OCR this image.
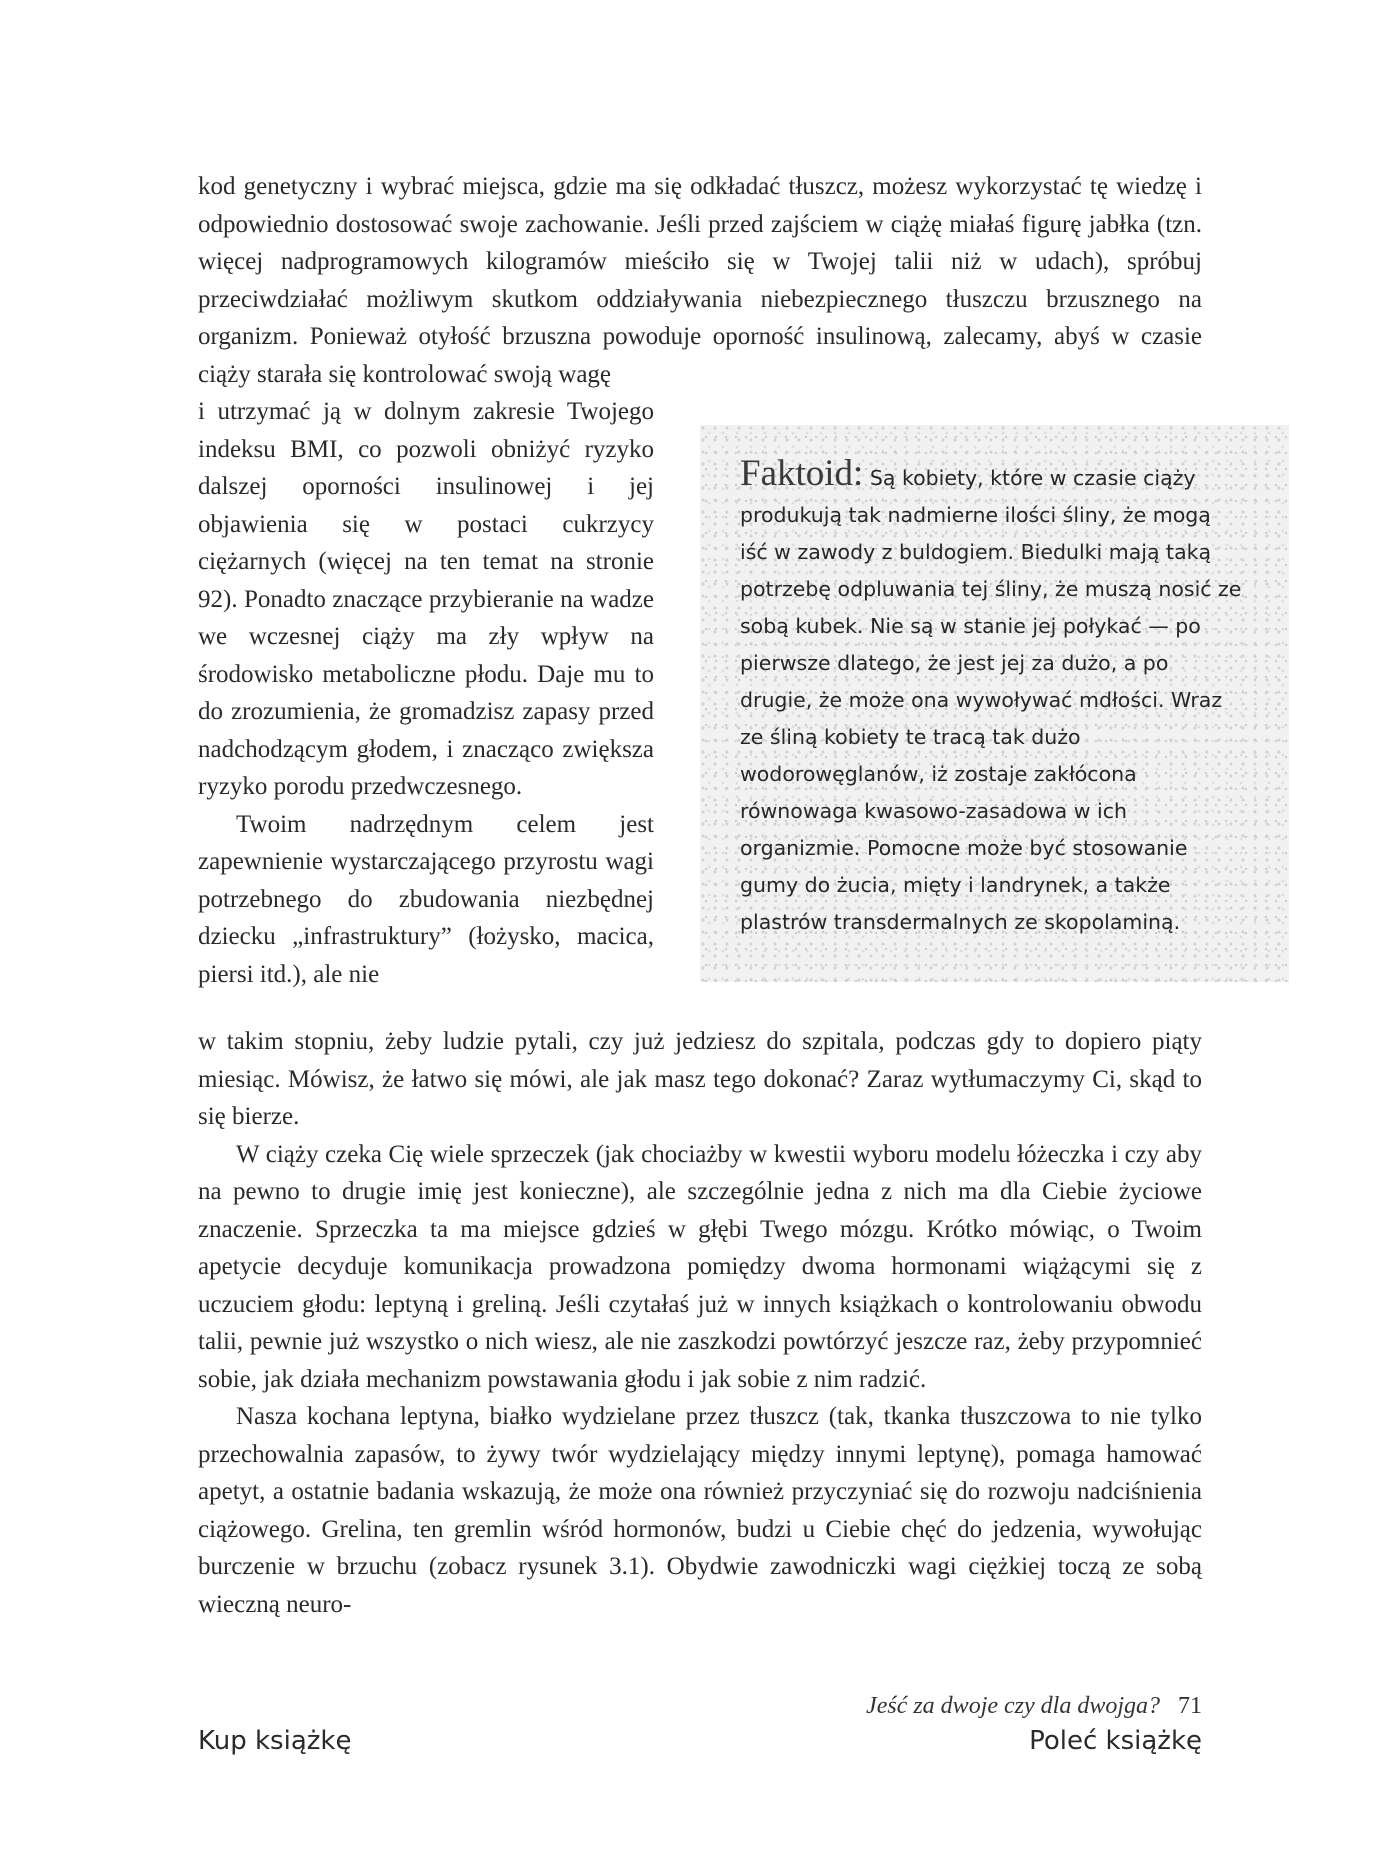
kod genetyczny i wybrać miejsca, gdzie ma się odkładać tłuszcz, możesz wykorzystać tę wiedzę i odpowiednio dostosować swoje zachowanie. Jeśli przed zajściem w ciążę miałaś figurę jabłka (tzn. więcej nadprogramowych kilogramów mieściło się w Twojej talii niż w udach), spróbuj przeciwdziałać możliwym skutkom oddziaływania niebezpiecznego tłuszczu brzusznego na organizm. Ponieważ otyłość brzuszna powoduje oporność insulinową, zalecamy, abyś w czasie ciąży starała się kontrolować swoją wagę

i utrzymać ją w dolnym zakresie Twojego indeksu BMI, co pozwoli obniżyć ryzyko dalszej oporności insulinowej i jej objawienia się w postaci cukrzycy ciężarnych (więcej na ten temat na stronie 92). Ponadto znaczące przybieranie na wadze we wczesnej ciąży ma zły wpływ na środowisko metaboliczne płodu. Daje mu to do zrozumienia, że gromadzisz zapasy przed nadchodzącym głodem, i znacząco zwiększa ryzyko porodu przedwczesnego.

Twoim nadrzędnym celem jest zapewnienie wystarczającego przyrostu wagi potrzebnego do zbudowania niezbędnej dziecku „infrastruktury” (łożysko, macica, piersi itd.), ale nie

Faktoid: Są kobiety, które w czasie ciąży produkują tak nadmierne ilości śliny, że mogą iść w zawody z buldogiem. Biedulki mają taką potrzebę odpluwania tej śliny, że muszą nosić ze sobą kubek. Nie są w stanie jej połykać — po pierwsze dlatego, że jest jej za dużo, a po drugie, że może ona wywoływać mdłości. Wraz ze śliną kobiety te tracą tak dużo wodorowęglanów, iż zostaje zakłócona równowaga kwasowo-zasadowa w ich organizmie. Pomocne może być stosowanie gumy do żucia, mięty i landrynek, a także plastrów transdermalnych ze skopolaminą.

w takim stopniu, żeby ludzie pytali, czy już jedziesz do szpitala, podczas gdy to dopiero piąty miesiąc. Mówisz, że łatwo się mówi, ale jak masz tego dokonać? Zaraz wytłumaczymy Ci, skąd to się bierze.

W ciąży czeka Cię wiele sprzeczek (jak chociażby w kwestii wyboru modelu łóżeczka i czy aby na pewno to drugie imię jest konieczne), ale szczególnie jedna z nich ma dla Ciebie życiowe znaczenie. Sprzeczka ta ma miejsce gdzieś w głębi Twego mózgu. Krótko mówiąc, o Twoim apetycie decyduje komunikacja prowadzona pomiędzy dwoma hormonami wiążącymi się z uczuciem głodu: leptyną i greliną. Jeśli czytałaś już w innych książkach o kontrolowaniu obwodu talii, pewnie już wszystko o nich wiesz, ale nie zaszkodzi powtórzyć jeszcze raz, żeby przypomnieć sobie, jak działa mechanizm powstawania głodu i jak sobie z nim radzić.

Nasza kochana leptyna, białko wydzielane przez tłuszcz (tak, tkanka tłuszczowa to nie tylko przechowalnia zapasów, to żywy twór wydzielający między innymi leptynę), pomaga hamować apetyt, a ostatnie badania wskazują, że może ona również przyczyniać się do rozwoju nadciśnienia ciążowego. Grelina, ten gremlin wśród hormonów, budzi u Ciebie chęć do jedzenia, wywołując burczenie w brzuchu (zobacz rysunek 3.1). Obydwie zawodniczki wagi ciężkiej toczą ze sobą wieczną neuro-

Jeść za dwoje czy dla dwojga? 71
Kup książkę	Poleć książkę
